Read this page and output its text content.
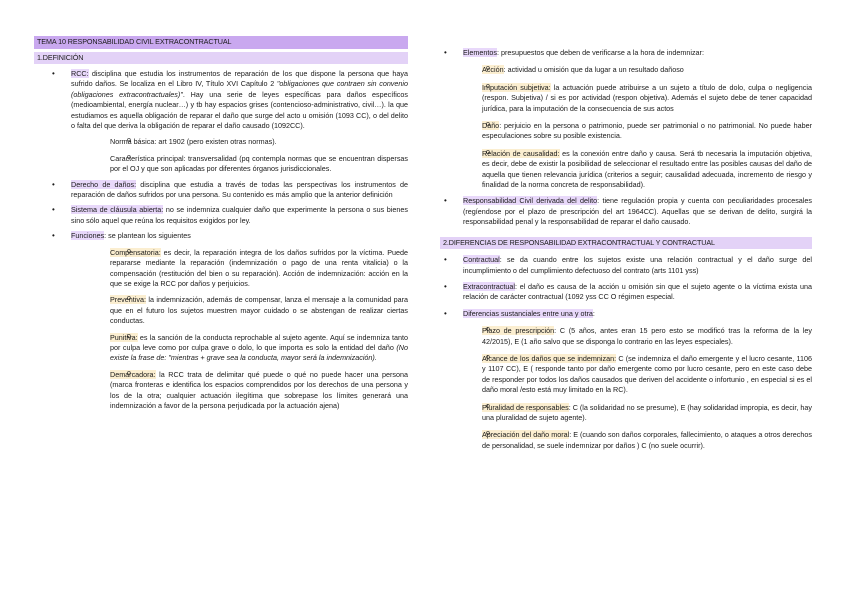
TEMA 10 RESPONSABILIDAD CIVIL EXTRACONTRACTUAL

1.DEFINICIÓN

• RCC: disciplina que estudia los instrumentos de reparación de los que dispone la persona que haya sufrido daños. Se localiza en el Libro IV, Título XVI Capítulo 2 "obligaciones que contraen sin convenio (obligaciones extracontractuales)". Hay una serie de leyes específicas para daños específicos (medioambiental, energía nuclear…) y tb hay espacios grises (contencioso-administrativo, civil…). la que estudiamos es aquella obligación de reparar el daño que surge del acto u omisión (1093 CC), o del delito o falta del que deriva la obligación de reparar el daño causado (1092CC).
o Norma básica: art 1902 (pero existen otras normas).
o Característica principal: transversalidad (pq contempla normas que se encuentran dispersas por el OJ y que son aplicadas por diferentes órganos jurisdiccionales.
• Derecho de daños: disciplina que estudia a través de todas las perspectivas los instrumentos de reparación de daños sufridos por una persona. Su contenido es más amplio que la anterior definición
• Sistema de cláusula abierta: no se indemniza cualquier daño que experimente la persona o sus bienes sino sólo aquel que reúna los requisitos exigidos por ley.
• Funciones: se plantean los siguientes
o Compensatoria: es decir, la reparación integra de los daños sufridos por la víctima. Puede repararse mediante la reparación (indemnización o pago de una renta vitalicia) o la compensación (restitución del bien o su reparación). Acción de indemnización: acción en la que se exige la RCC por daños y perjuicios.
o Preventiva: la indemnización, además de compensar, lanza el mensaje a la comunidad para que en el futuro los sujetos muestren mayor cuidado o se abstengan de realizar ciertas conductas.
o Punitiva: es la sanción de la conducta reprochable al sujeto agente. Aquí se indemniza tanto por culpa leve como por culpa grave o dolo, lo que importa es solo la entidad del daño (No existe la frase de: "mientras + grave sea la conducta, mayor será la indemnización).
o Demarcadora: la RCC trata de delimitar qué puede o qué no puede hacer una persona (marca fronteras e identifica los espacios comprendidos por los derechos de una persona y los de la otra; cualquier actuación ilegítima que sobrepase los límites generará una indemnización a favor de la persona perjudicada por la actuación ajena)
• Elementos: presupuestos que deben de verificarse a la hora de indemnizar:
o Acción: actividad u omisión que da lugar a un resultado dañoso
o Imputación subjetiva: la actuación puede atribuirse a un sujeto a título de dolo, culpa o negligencia (respon. Subjetiva) / si es por actividad (respon objetiva). Además el sujeto debe de tener capacidad jurídica, para la imputación de la consecuencia de sus actos
o Daño: perjuicio en la persona o patrimonio, puede ser patrimonial o no patrimonial. No puede haber especulaciones sobre su posible existencia.
o Relación de causalidad: es la conexión entre daño y causa. Será tb necesaria la imputación objetiva, es decir, debe de existir la posibilidad de seleccionar el resultado entre las posibles causas del daño de aquella que tienen relevancia jurídica (criterios a seguir; causalidad adecuada, incremento de riesgo y finalidad de la norma concreta de responsabilidad).
• Responsabilidad Civil derivada del delito: tiene regulación propia y cuenta con peculiaridades procesales (regíendose por el plazo de prescripción del art 1964CC). Aquellas que se derivan de delito, surgirá la responsabilidad penal y la responsabilidad de reparar el daño causado.

2.DIFERENCIAS DE RESPONSABILIDAD EXTRACONTRACTUAL Y CONTRACTUAL

• Contractual: se da cuando entre los sujetos existe una relación contractual y el daño surge del incumplimiento o del cumplimiento defectuoso del contrato (arts 1101 yss)
• Extracontractual: el daño es causa de la acción u omisión sin que el sujeto agente o la víctima exista una relación de carácter contractual (1092 yss CC O régimen especial.
• Diferencias sustanciales entre una y otra:
o Plazo de prescripción: C (5 años, antes eran 15 pero esto se modificó tras la reforma de la ley 42/2015), E (1 año salvo que se disponga lo contrario en las leyes especiales).
o Alcance de los daños que se indemnizan: C (se indemniza el daño emergente y el lucro cesante, 1106 y 1107 CC), E ( responde tanto por daño emergente como por lucro cesante, pero en este caso debe de responder por todos los daños causados que deriven del accidente o infortunio , en especial si es el daño moral /esto está muy limitado en la RC).
o Pluralidad de responsables: C (la solidaridad no se presume), E (hay solidaridad impropia, es decir, hay una pluralidad de sujeto agente).
o Apreciación del daño moral: E (cuando son daños corporales, fallecimiento, o ataques a otros derechos de personalidad, se suele indemnizar por daños ) C (no suele ocurrir).
